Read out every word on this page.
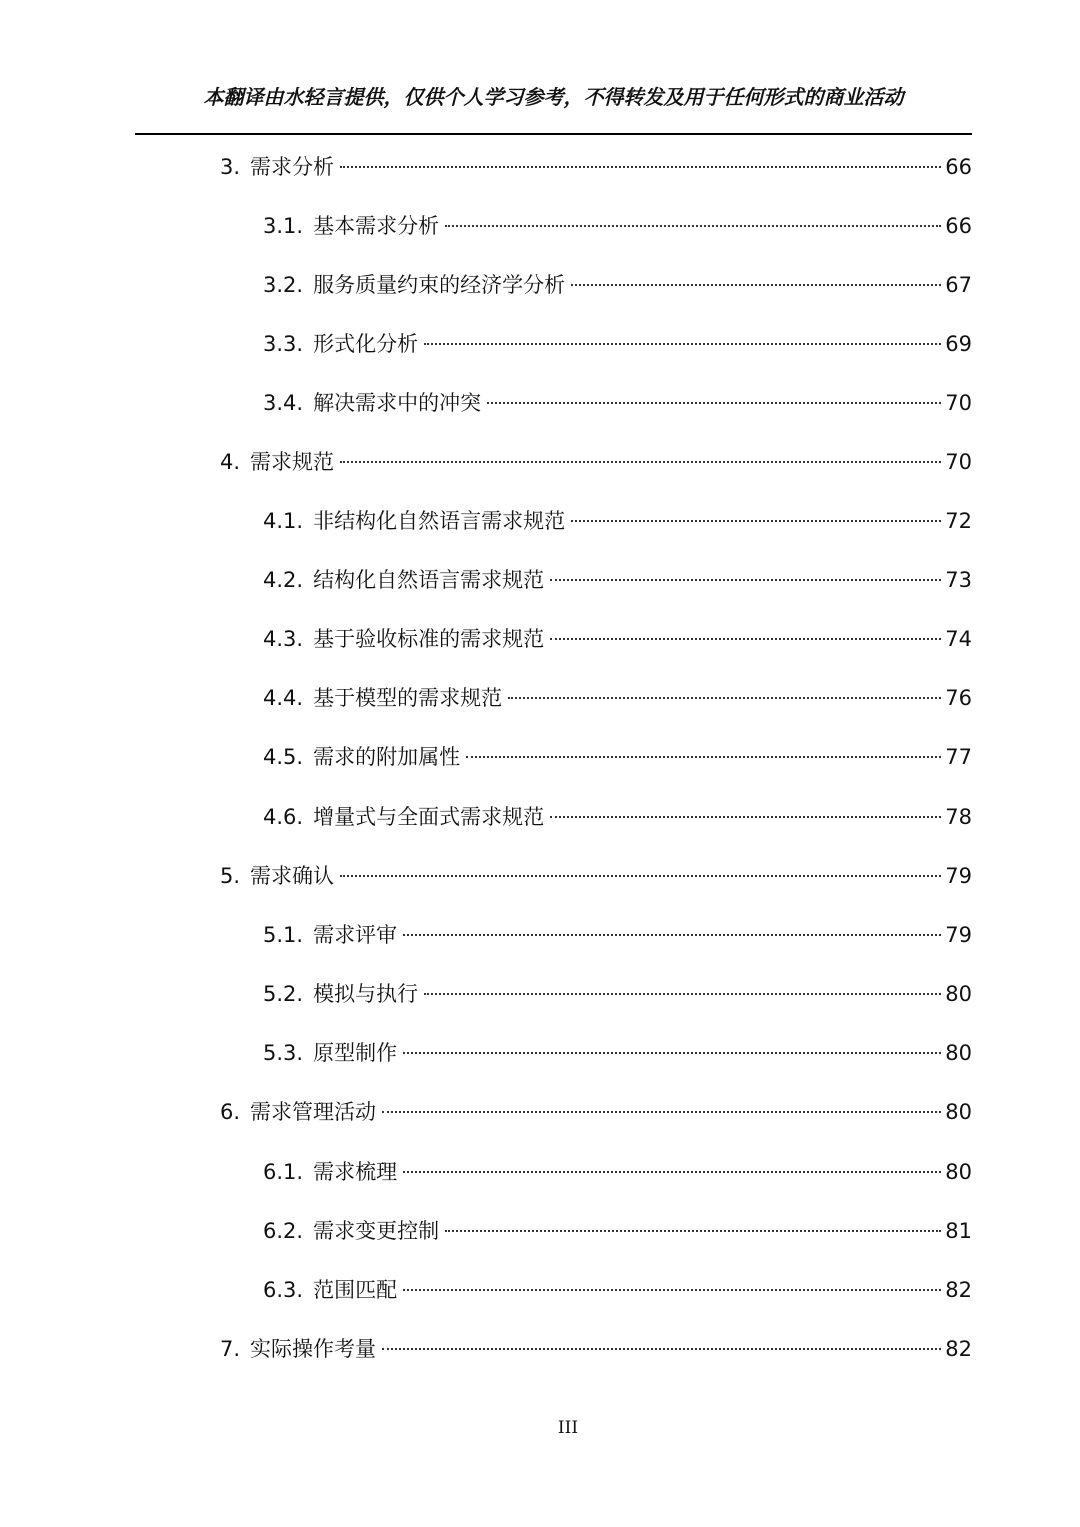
本翻译由水轻言提供，仅供个人学习参考，不得转发及用于任何形式的商业活动
3. 需求分析	66
3.1. 基本需求分析	66
3.2. 服务质量约束的经济学分析	67
3.3. 形式化分析	69
3.4. 解决需求中的冲突	70
4. 需求规范	70
4.1. 非结构化自然语言需求规范	72
4.2. 结构化自然语言需求规范	73
4.3. 基于验收标准的需求规范	74
4.4. 基于模型的需求规范	76
4.5. 需求的附加属性	77
4.6. 增量式与全面式需求规范	78
5. 需求确认	79
5.1. 需求评审	79
5.2. 模拟与执行	80
5.3. 原型制作	80
6. 需求管理活动	80
6.1. 需求梳理	80
6.2. 需求变更控制	81
6.3. 范围匹配	82
7. 实际操作考量	82
III
